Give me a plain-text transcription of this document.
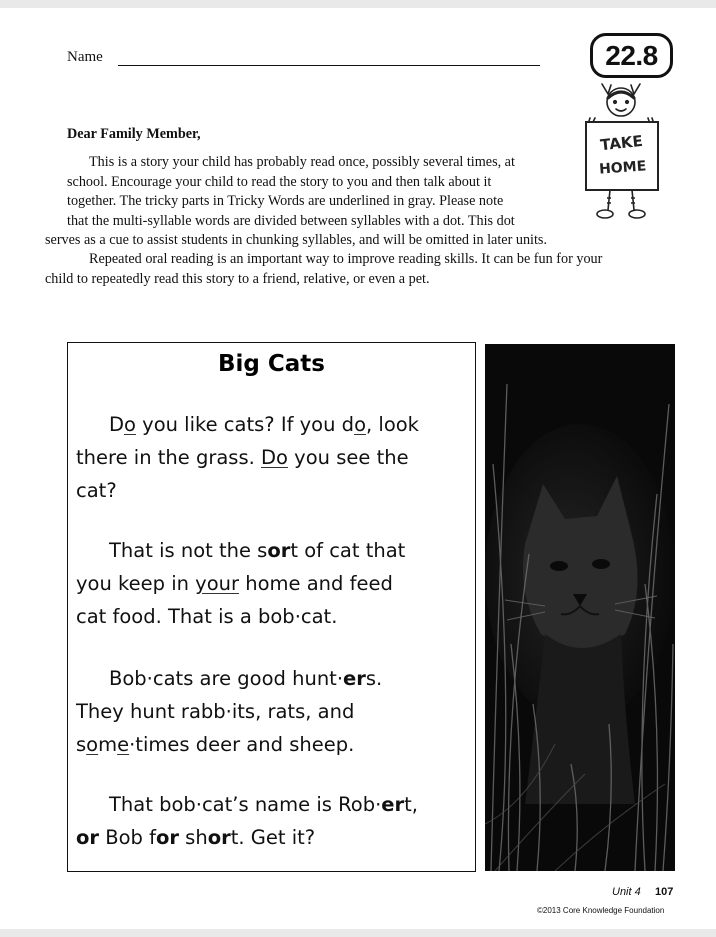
Name	22.8
TAKE
HOME
Dear Family Member,

This is a story your child has probably read once, possibly several times, at
school. Encourage your child to read the story to you and then talk about it
together. The tricky parts in Tricky Words are underlined in gray. Please note
that the multi-syllable words are divided between syllables with a dot. This dot
serves as a cue to assist students in chunking syllables, and will be omitted in later units.

Repeated oral reading is an important way to improve reading skills. It can be fun for your
child to repeatedly read this story to a friend, relative, or even a pet.

Big Cats
Do you like cats? If you do, look
there in the grass. Do you see the
cat?
That is not the sort of cat that
you keep in your home and feed
cat food. That is a bob·cat.
Bob·cats are good hunt·ers.
They hunt rabb·its, rats, and
some·times deer and sheep.
That bob·cat’s name is Rob·ert,
or Bob for short. Get it?
Unit 4 107
©2013 Core Knowledge Foundation
